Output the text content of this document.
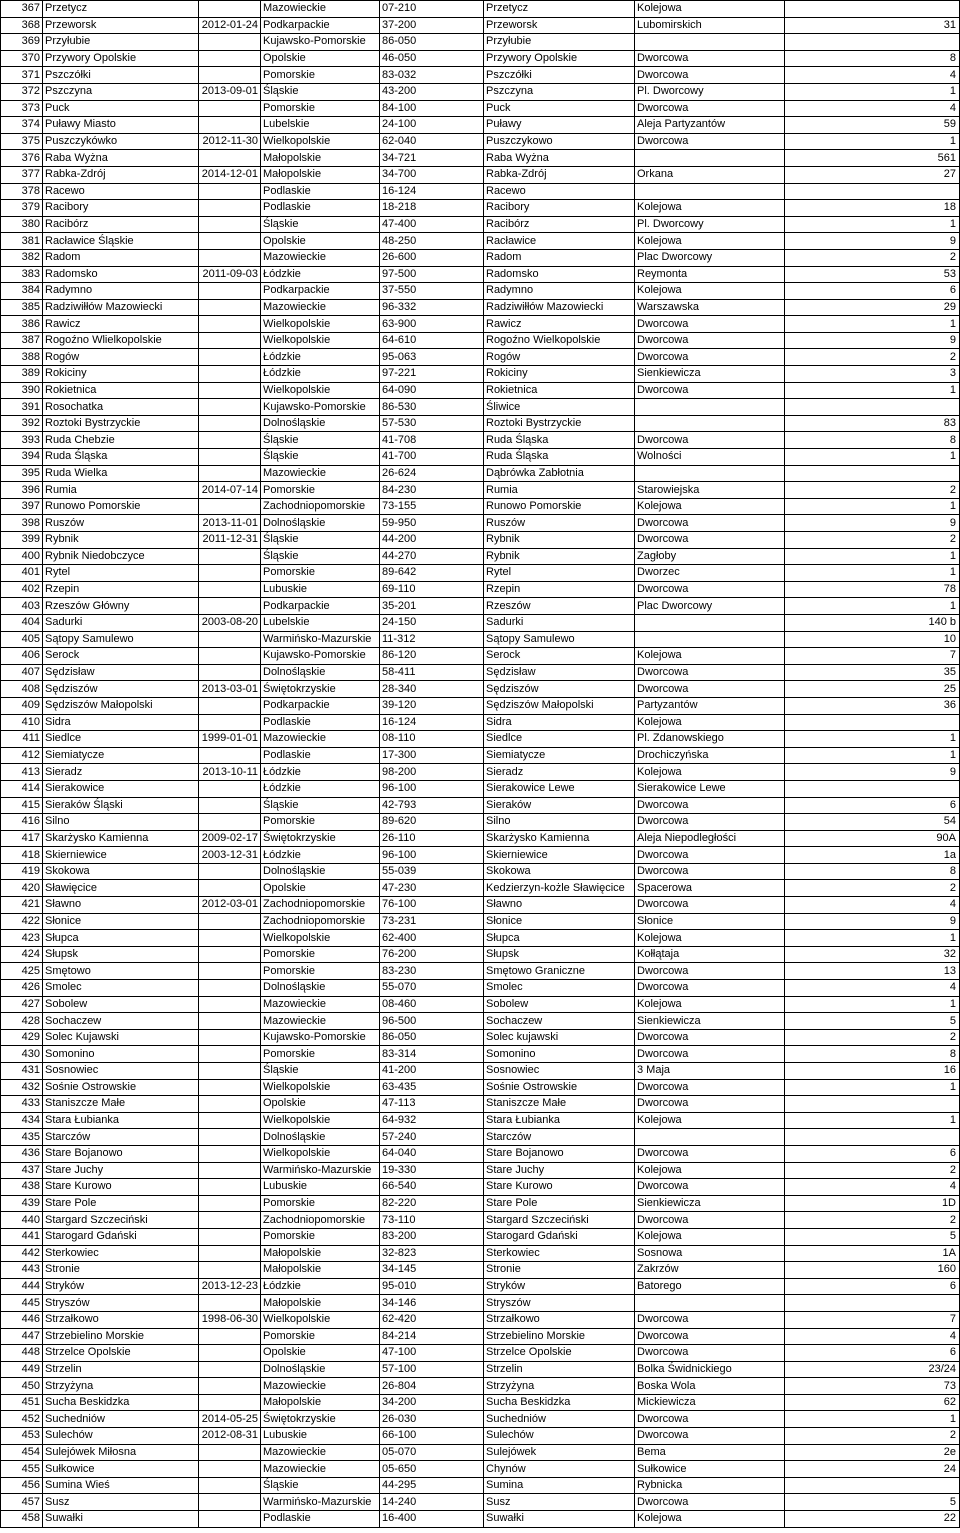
367	Przetycz		Mazowieckie	07-210	Przetycz	Kolejowa	
368	Przeworsk	2012-01-24	Podkarpackie	37-200	Przeworsk	Lubomirskich	31
369	Przyłubie		Kujawsko-Pomorskie	86-050	Przyłubie		
370	Przywory Opolskie		Opolskie	46-050	Przywory Opolskie	Dworcowa	8
371	Pszczółki		Pomorskie	83-032	Pszczółki	Dworcowa	4
372	Pszczyna	2013-09-01	Śląskie	43-200	Pszczyna	Pl. Dworcowy	1
373	Puck		Pomorskie	84-100	Puck	Dworcowa	4
374	Puławy Miasto		Lubelskie	24-100	Puławy	Aleja Partyzantów	59
375	Puszczykówko	2012-11-30	Wielkopolskie	62-040	Puszczykowo	Dworcowa	1
376	Raba Wyżna		Małopolskie	34-721	Raba Wyżna		561
377	Rabka-Zdrój	2014-12-01	Małopolskie	34-700	Rabka-Zdrój	Orkana	27
378	Racewo		Podlaskie	16-124	Racewo		
379	Racibory		Podlaskie	18-218	Racibory	Kolejowa	18
380	Racibórz		Śląskie	47-400	Racibórz	Pl. Dworcowy	1
381	Racławice Śląskie		Opolskie	48-250	Racławice	Kolejowa	9
382	Radom		Mazowieckie	26-600	Radom	Plac Dworcowy	2
383	Radomsko	2011-09-03	Łódzkie	97-500	Radomsko	Reymonta	53
384	Radymno		Podkarpackie	37-550	Radymno	Kolejowa	6
385	Radziwiłłów Mazowiecki		Mazowieckie	96-332	Radziwiłłów Mazowiecki	Warszawska	29
386	Rawicz		Wielkopolskie	63-900	Rawicz	Dworcowa	1
387	Rogoźno Wlielkopolskie		Wielkopolskie	64-610	Rogoźno Wielkopolskie	Dworcowa	9
388	Rogów		Łódzkie	95-063	Rogów	Dworcowa	2
389	Rokiciny		Łódzkie	97-221	Rokiciny	Sienkiewicza	3
390	Rokietnica		Wielkopolskie	64-090	Rokietnica	Dworcowa	1
391	Rosochatka		Kujawsko-Pomorskie	86-530	Śliwice		
392	Roztoki Bystrzyckie		Dolnośląskie	57-530	Roztoki Bystrzyckie		83
393	Ruda Chebzie		Śląskie	41-708	Ruda Śląska	Dworcowa	8
394	Ruda Śląska		Śląskie	41-700	Ruda Śląska	Wolności	1
395	Ruda Wielka		Mazowieckie	26-624	Dąbrówka Zabłotnia		
396	Rumia	2014-07-14	Pomorskie	84-230	Rumia	Starowiejska	2
397	Runowo Pomorskie		Zachodniopomorskie	73-155	Runowo Pomorskie	Kolejowa	1
398	Ruszów	2013-11-01	Dolnośląskie	59-950	Ruszów	Dworcowa	9
399	Rybnik	2011-12-31	Śląskie	44-200	Rybnik	Dworcowa	2
400	Rybnik Niedobczyce		Śląskie	44-270	Rybnik	Zagłoby	1
401	Rytel		Pomorskie	89-642	Rytel	Dworzec	1
402	Rzepin		Lubuskie	69-110	Rzepin	Dworcowa	78
403	Rzeszów Główny		Podkarpackie	35-201	Rzeszów	Plac Dworcowy	1
404	Sadurki	2003-08-20	Lubelskie	24-150	Sadurki		140 b
405	Sątopy Samulewo		Warmińsko-Mazurskie	11-312	Sątopy Samulewo		10
406	Serock		Kujawsko-Pomorskie	86-120	Serock	Kolejowa	7
407	Sędzisław		Dolnośląskie	58-411	Sędzisław	Dworcowa	35
408	Sędziszów	2013-03-01	Świętokrzyskie	28-340	Sędziszów	Dworcowa	25
409	Sędziszów Małopolski		Podkarpackie	39-120	Sędziszów Małopolski	Partyzantów	36
410	Sidra		Podlaskie	16-124	Sidra	Kolejowa	
411	Siedlce	1999-01-01	Mazowieckie	08-110	Siedlce	Pl. Zdanowskiego	1
412	Siemiatycze		Podlaskie	17-300	Siemiatycze	Drochiczyńska	1
413	Sieradz	2013-10-11	Łódzkie	98-200	Sieradz	Kolejowa	9
414	Sierakowice		Łódzkie	96-100	Sierakowice Lewe	Sierakowice Lewe	
415	Sieraków Śląski		Śląskie	42-793	Sieraków	Dworcowa	6
416	Silno		Pomorskie	89-620	Silno	Dworcowa	54
417	Skarżysko Kamienna	2009-02-17	Świętokrzyskie	26-110	Skarżysko Kamienna	Aleja Niepodległości	90A
418	Skierniewice	2003-12-31	Łódzkie	96-100	Skierniewice	Dworcowa	1a
419	Skokowa		Dolnośląskie	55-039	Skokowa	Dworcowa	8
420	Sławięcice		Opolskie	47-230	Kedzierzyn-kożle Sławięcice	Spacerowa	2
421	Sławno	2012-03-01	Zachodniopomorskie	76-100	Sławno	Dworcowa	4
422	Słonice		Zachodniopomorskie	73-231	Słonice	Słonice	9
423	Słupca		Wielkopolskie	62-400	Słupca	Kolejowa	1
424	Słupsk		Pomorskie	76-200	Słupsk	Kołłątaja	32
425	Smętowo		Pomorskie	83-230	Smętowo Graniczne	Dworcowa	13
426	Smolec		Dolnośląskie	55-070	Smolec	Dworcowa	4
427	Sobolew		Mazowieckie	08-460	Sobolew	Kolejowa	1
428	Sochaczew		Mazowieckie	96-500	Sochaczew	Sienkiewicza	5
429	Solec Kujawski		Kujawsko-Pomorskie	86-050	Solec kujawski	Dworcowa	2
430	Somonino		Pomorskie	83-314	Somonino	Dworcowa	8
431	Sosnowiec		Śląskie	41-200	Sosnowiec	3 Maja	16
432	Sośnie Ostrowskie		Wielkopolskie	63-435	Sośnie Ostrowskie	Dworcowa	1
433	Staniszcze Małe		Opolskie	47-113	Staniszcze Małe	Dworcowa	
434	Stara Łubianka		Wielkopolskie	64-932	Stara Łubianka	Kolejowa	1
435	Starczów		Dolnośląskie	57-240	Starczów		
436	Stare Bojanowo		Wielkopolskie	64-040	Stare Bojanowo	Dworcowa	6
437	Stare Juchy		Warmińsko-Mazurskie	19-330	Stare Juchy	Kolejowa	2
438	Stare Kurowo		Lubuskie	66-540	Stare Kurowo	Dworcowa	4
439	Stare Pole		Pomorskie	82-220	Stare Pole	Sienkiewicza	1D
440	Stargard Szczeciński		Zachodniopomorskie	73-110	Stargard Szczeciński	Dworcowa	2
441	Starogard Gdański		Pomorskie	83-200	Starogard Gdański	Kolejowa	5
442	Sterkowiec		Małopolskie	32-823	Sterkowiec	Sosnowa	1A
443	Stronie		Małopolskie	34-145	Stronie	Zakrzów	160
444	Stryków	2013-12-23	Łódzkie	95-010	Stryków	Batorego	6
445	Stryszów		Małopolskie	34-146	Stryszów		
446	Strzałkowo	1998-06-30	Wielkopolskie	62-420	Strzałkowo	Dworcowa	7
447	Strzebielino Morskie		Pomorskie	84-214	Strzebielino Morskie	Dworcowa	4
448	Strzelce Opolskie		Opolskie	47-100	Strzelce Opolskie	Dworcowa	6
449	Strzelin		Dolnośląskie	57-100	Strzelin	Bolka Świdnickiego	23/24
450	Strzyżyna		Mazowieckie	26-804	Strzyżyna	Boska Wola	73
451	Sucha Beskidzka		Małopolskie	34-200	Sucha Beskidzka	Mickiewicza	62
452	Suchedniów	2014-05-25	Świętokrzyskie	26-030	Suchedniów	Dworcowa	1
453	Sulechów	2012-08-31	Lubuskie	66-100	Sulechów	Dworcowa	2
454	Sulejówek Miłosna		Mazowieckie	05-070	Sulejówek	Bema	2e
455	Sułkowice		Mazowieckie	05-650	Chynów	Sułkowice	24
456	Sumina Wieś		Śląskie	44-295	Sumina	Rybnicka	
457	Susz		Warmińsko-Mazurskie	14-240	Susz	Dworcowa	5
458	Suwałki		Podlaskie	16-400	Suwałki	Kolejowa	22
